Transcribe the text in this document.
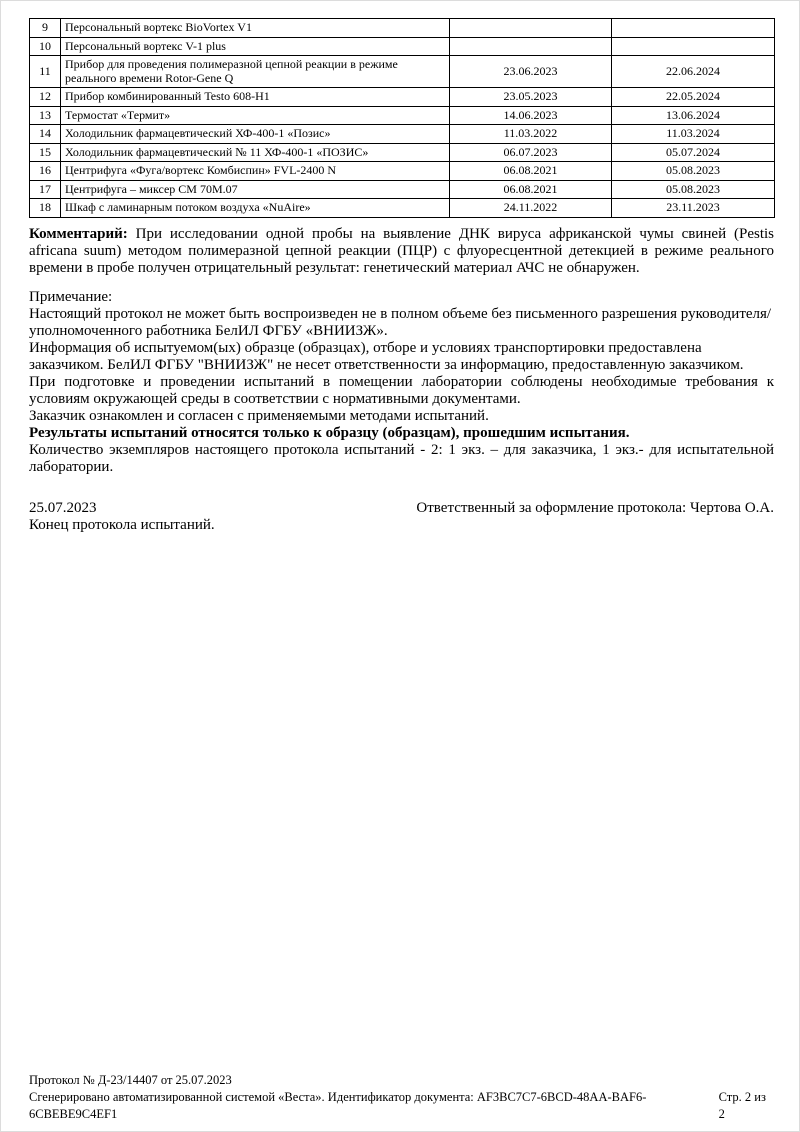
9	Персональный вортекс BioVortex V1		
10	Персональный вортекс V-1 plus		
11	Прибор для проведения полимеразной цепной реакции в режиме реального времени Rotor-Gene Q	23.06.2023	22.06.2024
12	Прибор комбинированный Testo 608-Н1	23.05.2023	22.05.2024
13	Термостат «Термит»	14.06.2023	13.06.2024
14	Холодильник фармацевтический ХФ-400-1 «Позис»	11.03.2022	11.03.2024
15	Холодильник фармацевтический № 11 ХФ-400-1 «ПОЗИС»	06.07.2023	05.07.2024
16	Центрифуга «Фуга/вортекс Комбиспин» FVL-2400 N	06.08.2021	05.08.2023
17	Центрифуга – миксер СМ 70М.07	06.08.2021	05.08.2023
18	Шкаф с ламинарным потоком воздуха «NuAire»	24.11.2022	23.11.2023

Комментарий: При исследовании одной пробы на выявление ДНК вируса африканской чумы свиней (Pestis africana suum) методом полимеразной цепной реакции (ПЦР) с флуоресцентной детекцией в режиме реального времени в пробе получен отрицательный результат: генетический материал АЧС не обнаружен.

Примечание:

Настоящий протокол не может быть воспроизведен не в полном объеме без письменного разрешения руководителя/уполномоченного работника БелИЛ ФГБУ «ВНИИЗЖ».

Информация об испытуемом(ых) образце (образцах), отборе и условиях транспортировки предоставлена заказчиком. БелИЛ ФГБУ "ВНИИЗЖ" не несет ответственности за информацию, предоставленную заказчиком.

При подготовке и проведении испытаний в помещении лаборатории соблюдены необходимые требования к условиям окружающей среды в соответствии с нормативными документами.

Заказчик ознакомлен и согласен с применяемыми методами испытаний.

Результаты испытаний относятся только к образцу (образцам), прошедшим испытания.

Количество экземпляров настоящего протокола испытаний - 2: 1 экз. – для заказчика, 1 экз.- для испытательной лаборатории.

25.07.2023	Ответственный за оформление протокола: Чертова О.А.

Конец протокола испытаний.

Протокол № Д-23/14407 от 25.07.2023
Сгенерировано автоматизированной системой «Веста». Идентификатор документа: AF3BC7C7-6BCD-48AA-BAF6-6CBEBE9C4EF1
Стр. 2 из 2
